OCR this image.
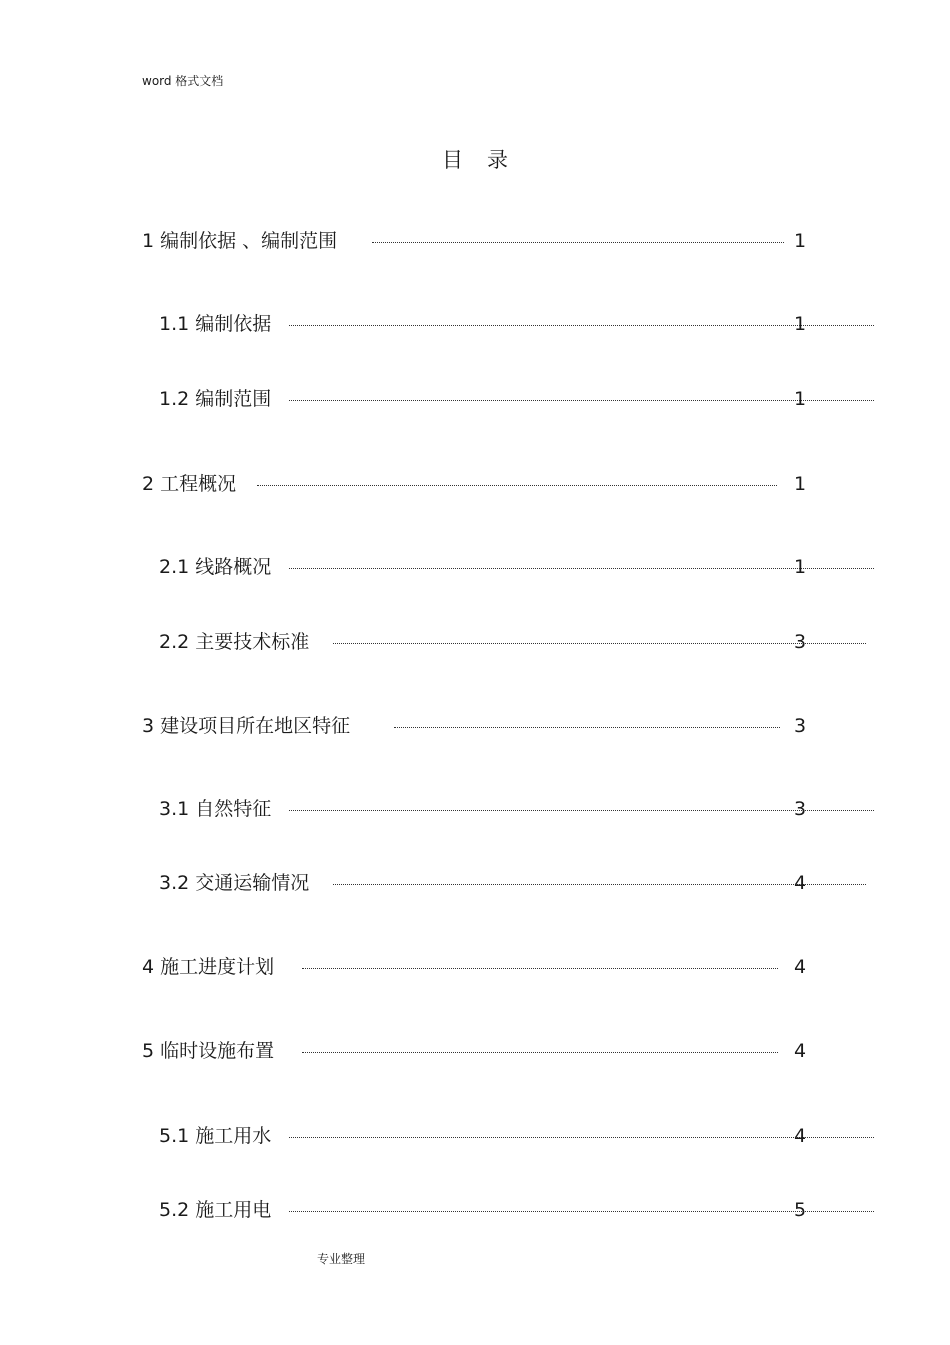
word 格式文档
目录
1 编制依据 、编制范围	1
1.1 编制依据	1
1.2 编制范围	1
2 工程概况	1
2.1 线路概况	1
2.2 主要技术标准	3
3 建设项目所在地区特征	3
3.1 自然特征	3
3.2 交通运输情况	4
4 施工进度计划	4
5 临时设施布置	4
5.1 施工用水	4
5.2 施工用电	5
专业整理
